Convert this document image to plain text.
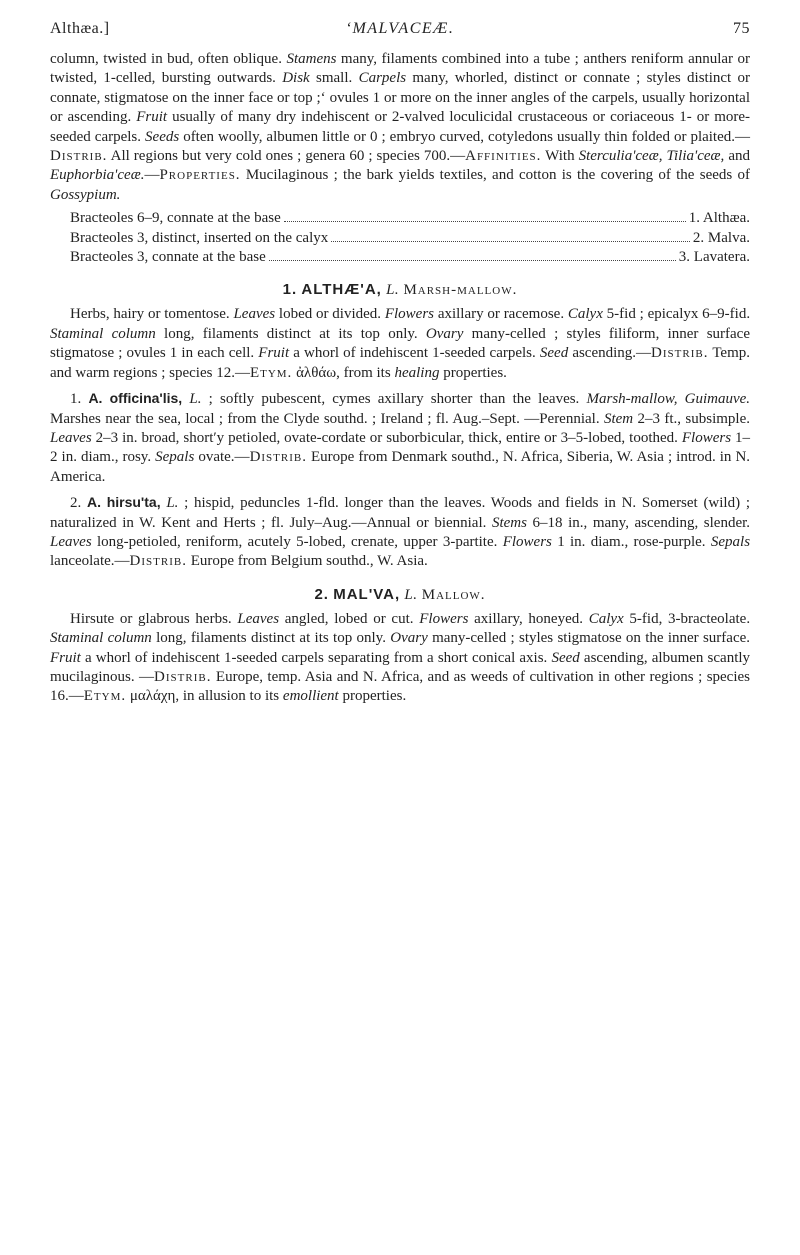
Althæa.]	ʻMALVACEÆ.	75

column, twisted in bud, often oblique. Stamens many, filaments combined into a tube ; anthers reniform annular or twisted, 1-celled, bursting outwards. Disk small. Carpels many, whorled, distinct or connate ; styles distinct or connate, stigmatose on the inner face or top ;ʻ ovules 1 or more on the inner angles of the carpels, usually horizontal or ascending. Fruit usually of many dry indehiscent or 2-valved loculicidal crustaceous or coriaceous 1- or more-seeded carpels. Seeds often woolly, albumen little or 0 ; embryo curved, cotyledons usually thin folded or plaited.—Distrib. All regions but very cold ones ; genera 60 ; species 700.—Affinities. With Sterculia'ceæ, Tilia'ceæ, and Euphorbia'ceæ.—Properties. Mucilaginous ; the bark yields textiles, and cotton is the covering of the seeds of Gossypium.

Bracteoles 6–9, connate at the base	1. Althæa.
Bracteoles 3, distinct, inserted on the calyx	2. Malva.
Bracteoles 3, connate at the base	3. Lavatera.
1. ALTHÆ'A, L. Marsh-mallow.

Herbs, hairy or tomentose. Leaves lobed or divided. Flowers axillary or racemose. Calyx 5-fid ; epicalyx 6–9-fid. Staminal column long, filaments distinct at its top only. Ovary many-celled ; styles filiform, inner surface stigmatose ; ovules 1 in each cell. Fruit a whorl of indehiscent 1-seeded carpels. Seed ascending.—Distrib. Temp. and warm regions ; species 12.—Etym. ἀλθάω, from its healing properties.

1. A. officina'lis, L. ; softly pubescent, cymes axillary shorter than the leaves. Marsh-mallow, Guimauve. Marshes near the sea, local ; from the Clyde southd. ; Ireland ; fl. Aug.–Sept. —Perennial. Stem 2–3 ft., subsimple. Leaves 2–3 in. broad, shortʹy petioled, ovate-cordate or suborbicular, thick, entire or 3–5-lobed, toothed. Flowers 1–2 in. diam., rosy. Sepals ovate.—Distrib. Europe from Denmark southd., N. Africa, Siberia, W. Asia ; introd. in N. America.

2. A. hirsu'ta, L. ; hispid, peduncles 1-fld. longer than the leaves. Woods and fields in N. Somerset (wild) ; naturalized in W. Kent and Herts ; fl. July–Aug.—Annual or biennial. Stems 6–18 in., many, ascending, slender. Leaves long-petioled, reniform, acutely 5-lobed, crenate, upper 3-partite. Flowers 1 in. diam., rose-purple. Sepals lanceolate.—Distrib. Europe from Belgium southd., W. Asia.

2. MAL'VA, L. Mallow.

Hirsute or glabrous herbs. Leaves angled, lobed or cut. Flowers axillary, honeyed. Calyx 5-fid, 3-bracteolate. Staminal column long, filaments distinct at its top only. Ovary many-celled ; styles stigmatose on the inner surface. Fruit a whorl of indehiscent 1-seeded carpels separating from a short conical axis. Seed ascending, albumen scantly mucilaginous. —Distrib. Europe, temp. Asia and N. Africa, and as weeds of cultivation in other regions ; species 16.—Etym. μαλάχη, in allusion to its emollient properties.
